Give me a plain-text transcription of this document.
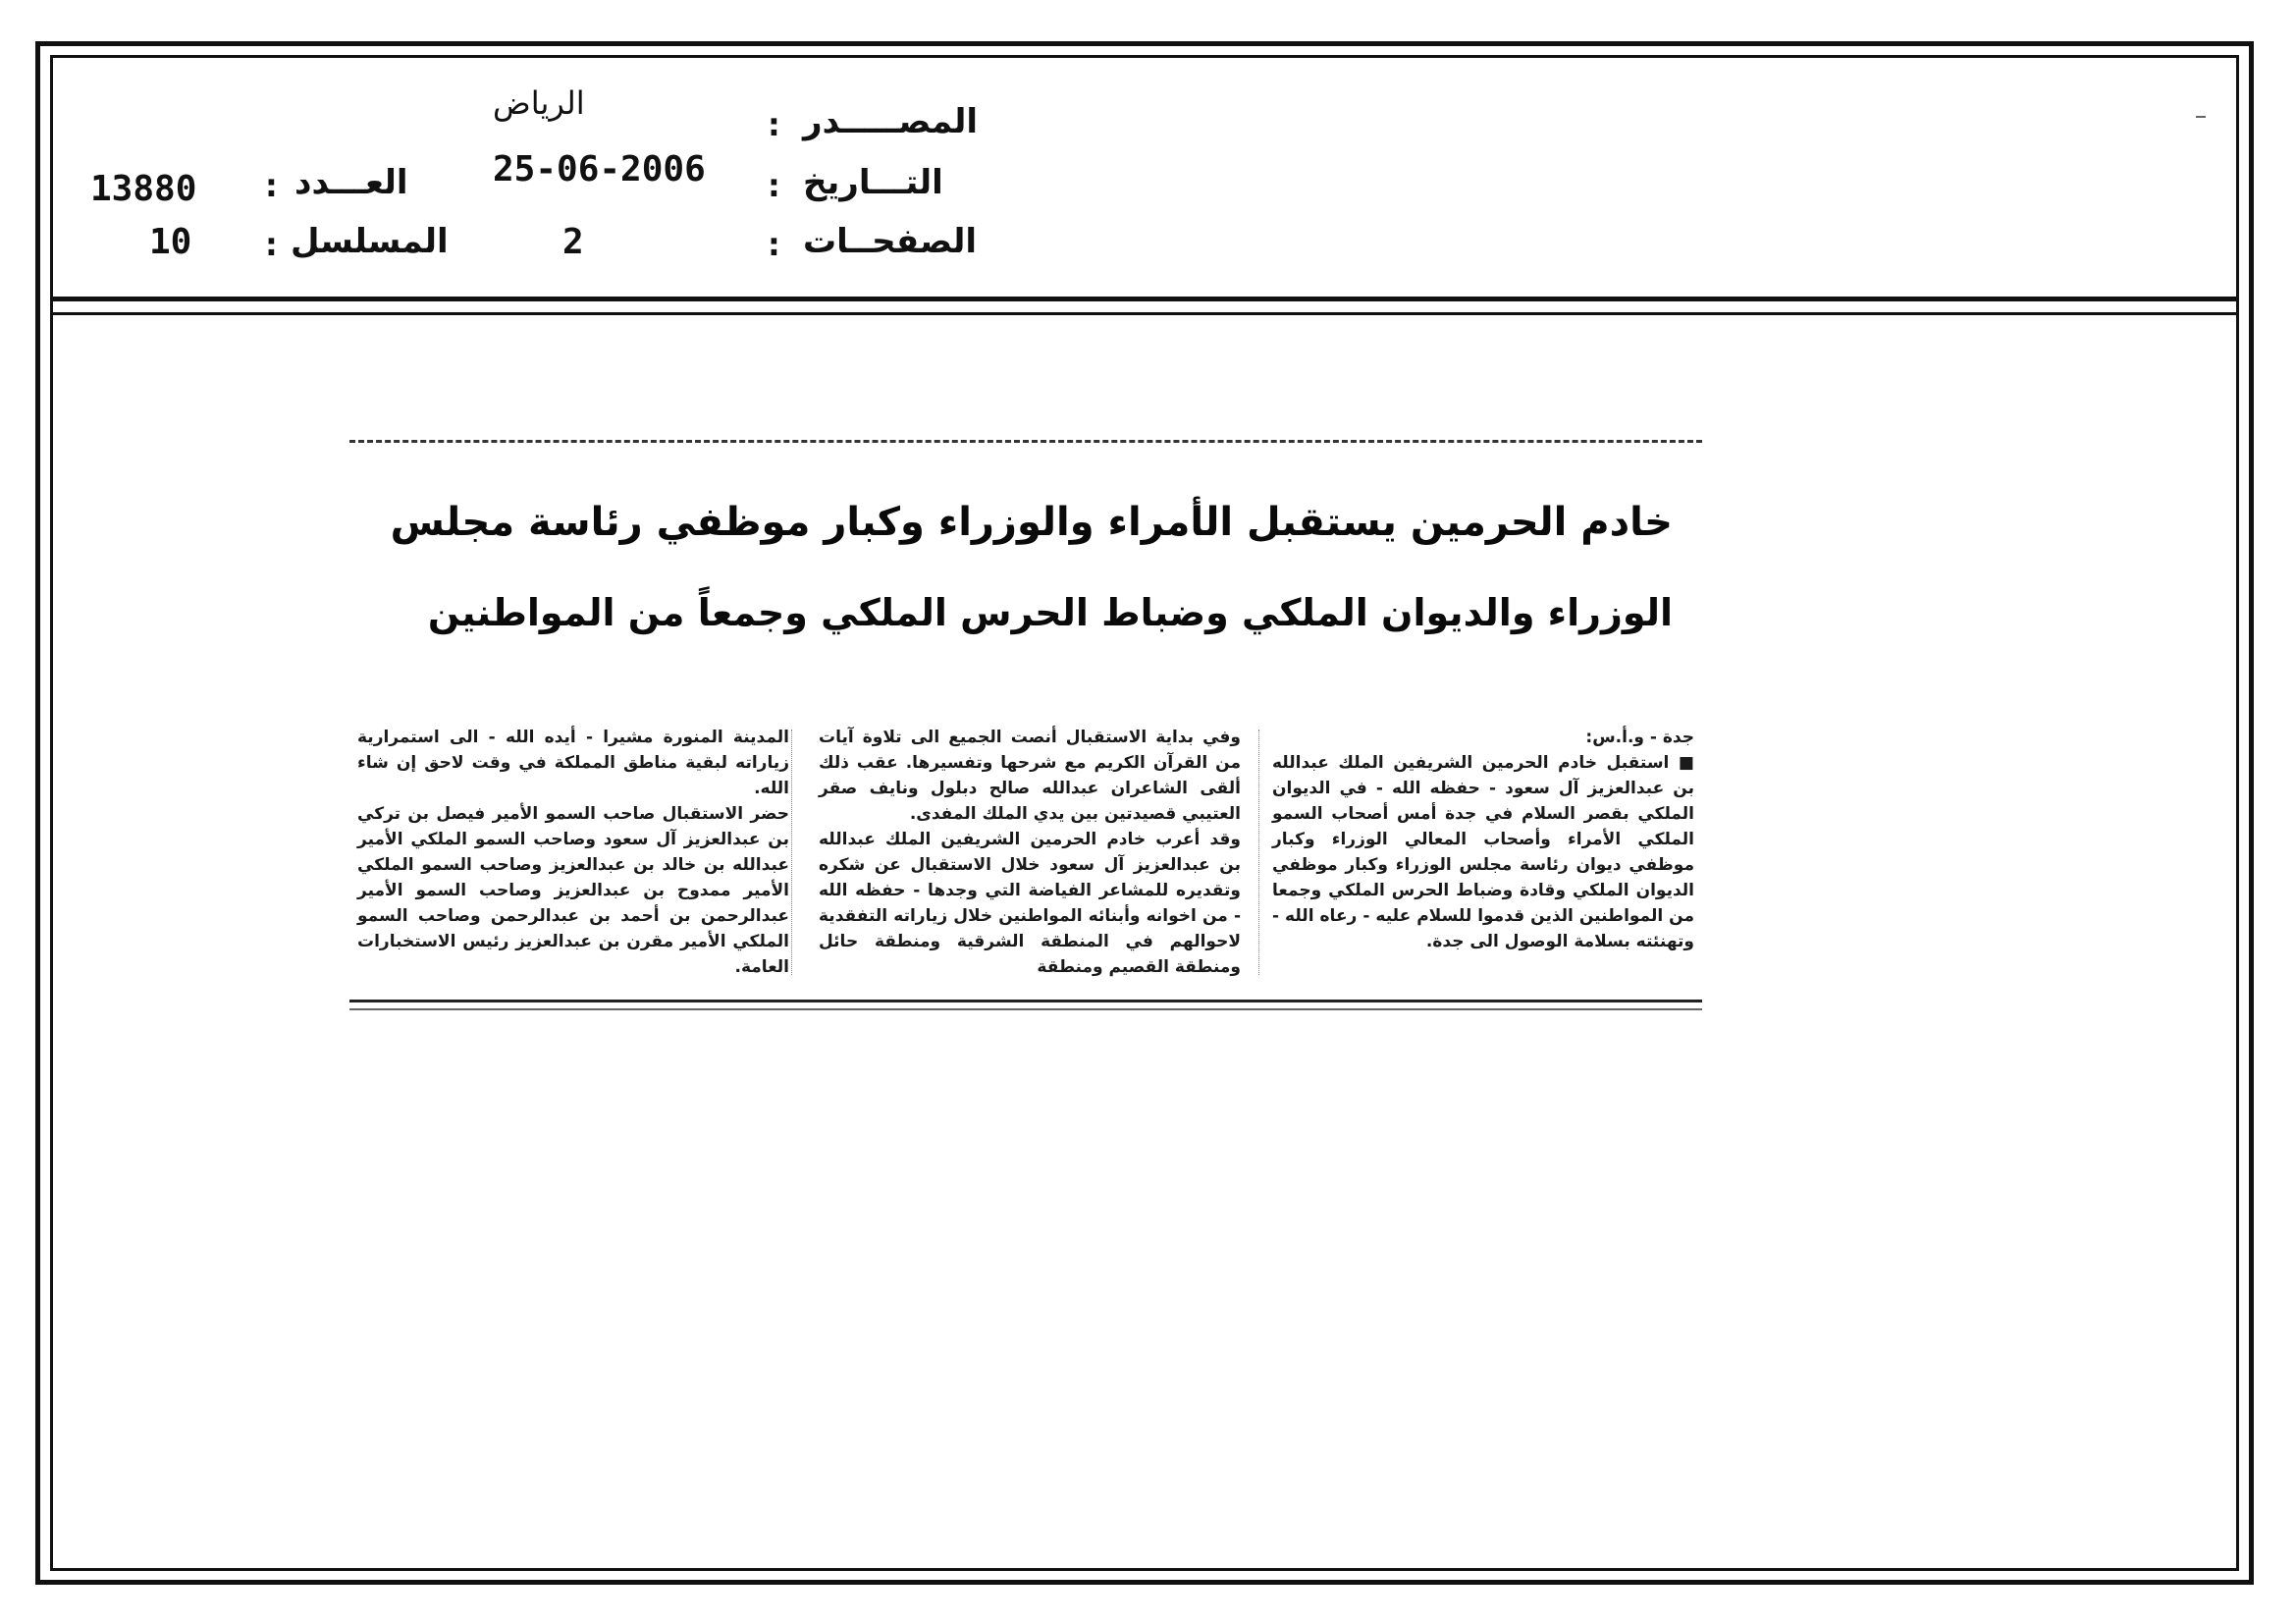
المصـــــدر
:
الرياض
التـــاريخ
:
25-06-2006
الصفحــات
:
2
العـــدد
:
13880
المسلسل
:
10
خادم الحرمين يستقبل الأمراء والوزراء وكبار موظفي رئاسة مجلس
الوزراء والديوان الملكي وضباط الحرس الملكي وجمعاً من المواطنين

جدة - و.أ.س:

■ استقبل خادم الحرمين الشريفين الملك عبدالله بن عبدالعزيز آل سعود - حفظه الله - في الديوان الملكي بقصر السلام في جدة أمس أصحاب السمو الملكي الأمراء وأصحاب المعالي الوزراء وكبار موظفي ديوان رئاسة مجلس الوزراء وكبار موظفي الديوان الملكي وقادة وضباط الحرس الملكي وجمعا من المواطنين الذين قدموا للسلام عليه - رعاه الله - وتهنئته بسلامة الوصول الى جدة.

وفي بداية الاستقبال أنصت الجميع الى تلاوة آيات من القرآن الكريم مع شرحها وتفسيرها. عقب ذلك ألقى الشاعران عبدالله صالح دبلول ونايف صقر العتيبي قصيدتين بين يدي الملك المفدى.

وقد أعرب خادم الحرمين الشريفين الملك عبدالله بن عبدالعزيز آل سعود خلال الاستقبال عن شكره وتقديره للمشاعر الفياضة التي وجدها - حفظه الله - من اخوانه وأبنائه المواطنين خلال زياراته التفقدية لاحوالهم في المنطقة الشرقية ومنطقة حائل ومنطقة القصيم ومنطقة

المدينة المنورة مشيرا - أيده الله - الى استمرارية زياراته لبقية مناطق المملكة في وقت لاحق إن شاء الله.

حضر الاستقبال صاحب السمو الأمير فيصل بن تركي بن عبدالعزيز آل سعود وصاحب السمو الملكي الأمير عبدالله بن خالد بن عبدالعزيز وصاحب السمو الملكي الأمير ممدوح بن عبدالعزيز وصاحب السمو الأمير عبدالرحمن بن أحمد بن عبدالرحمن وصاحب السمو الملكي الأمير مقرن بن عبدالعزيز رئيس الاستخبارات العامة.
